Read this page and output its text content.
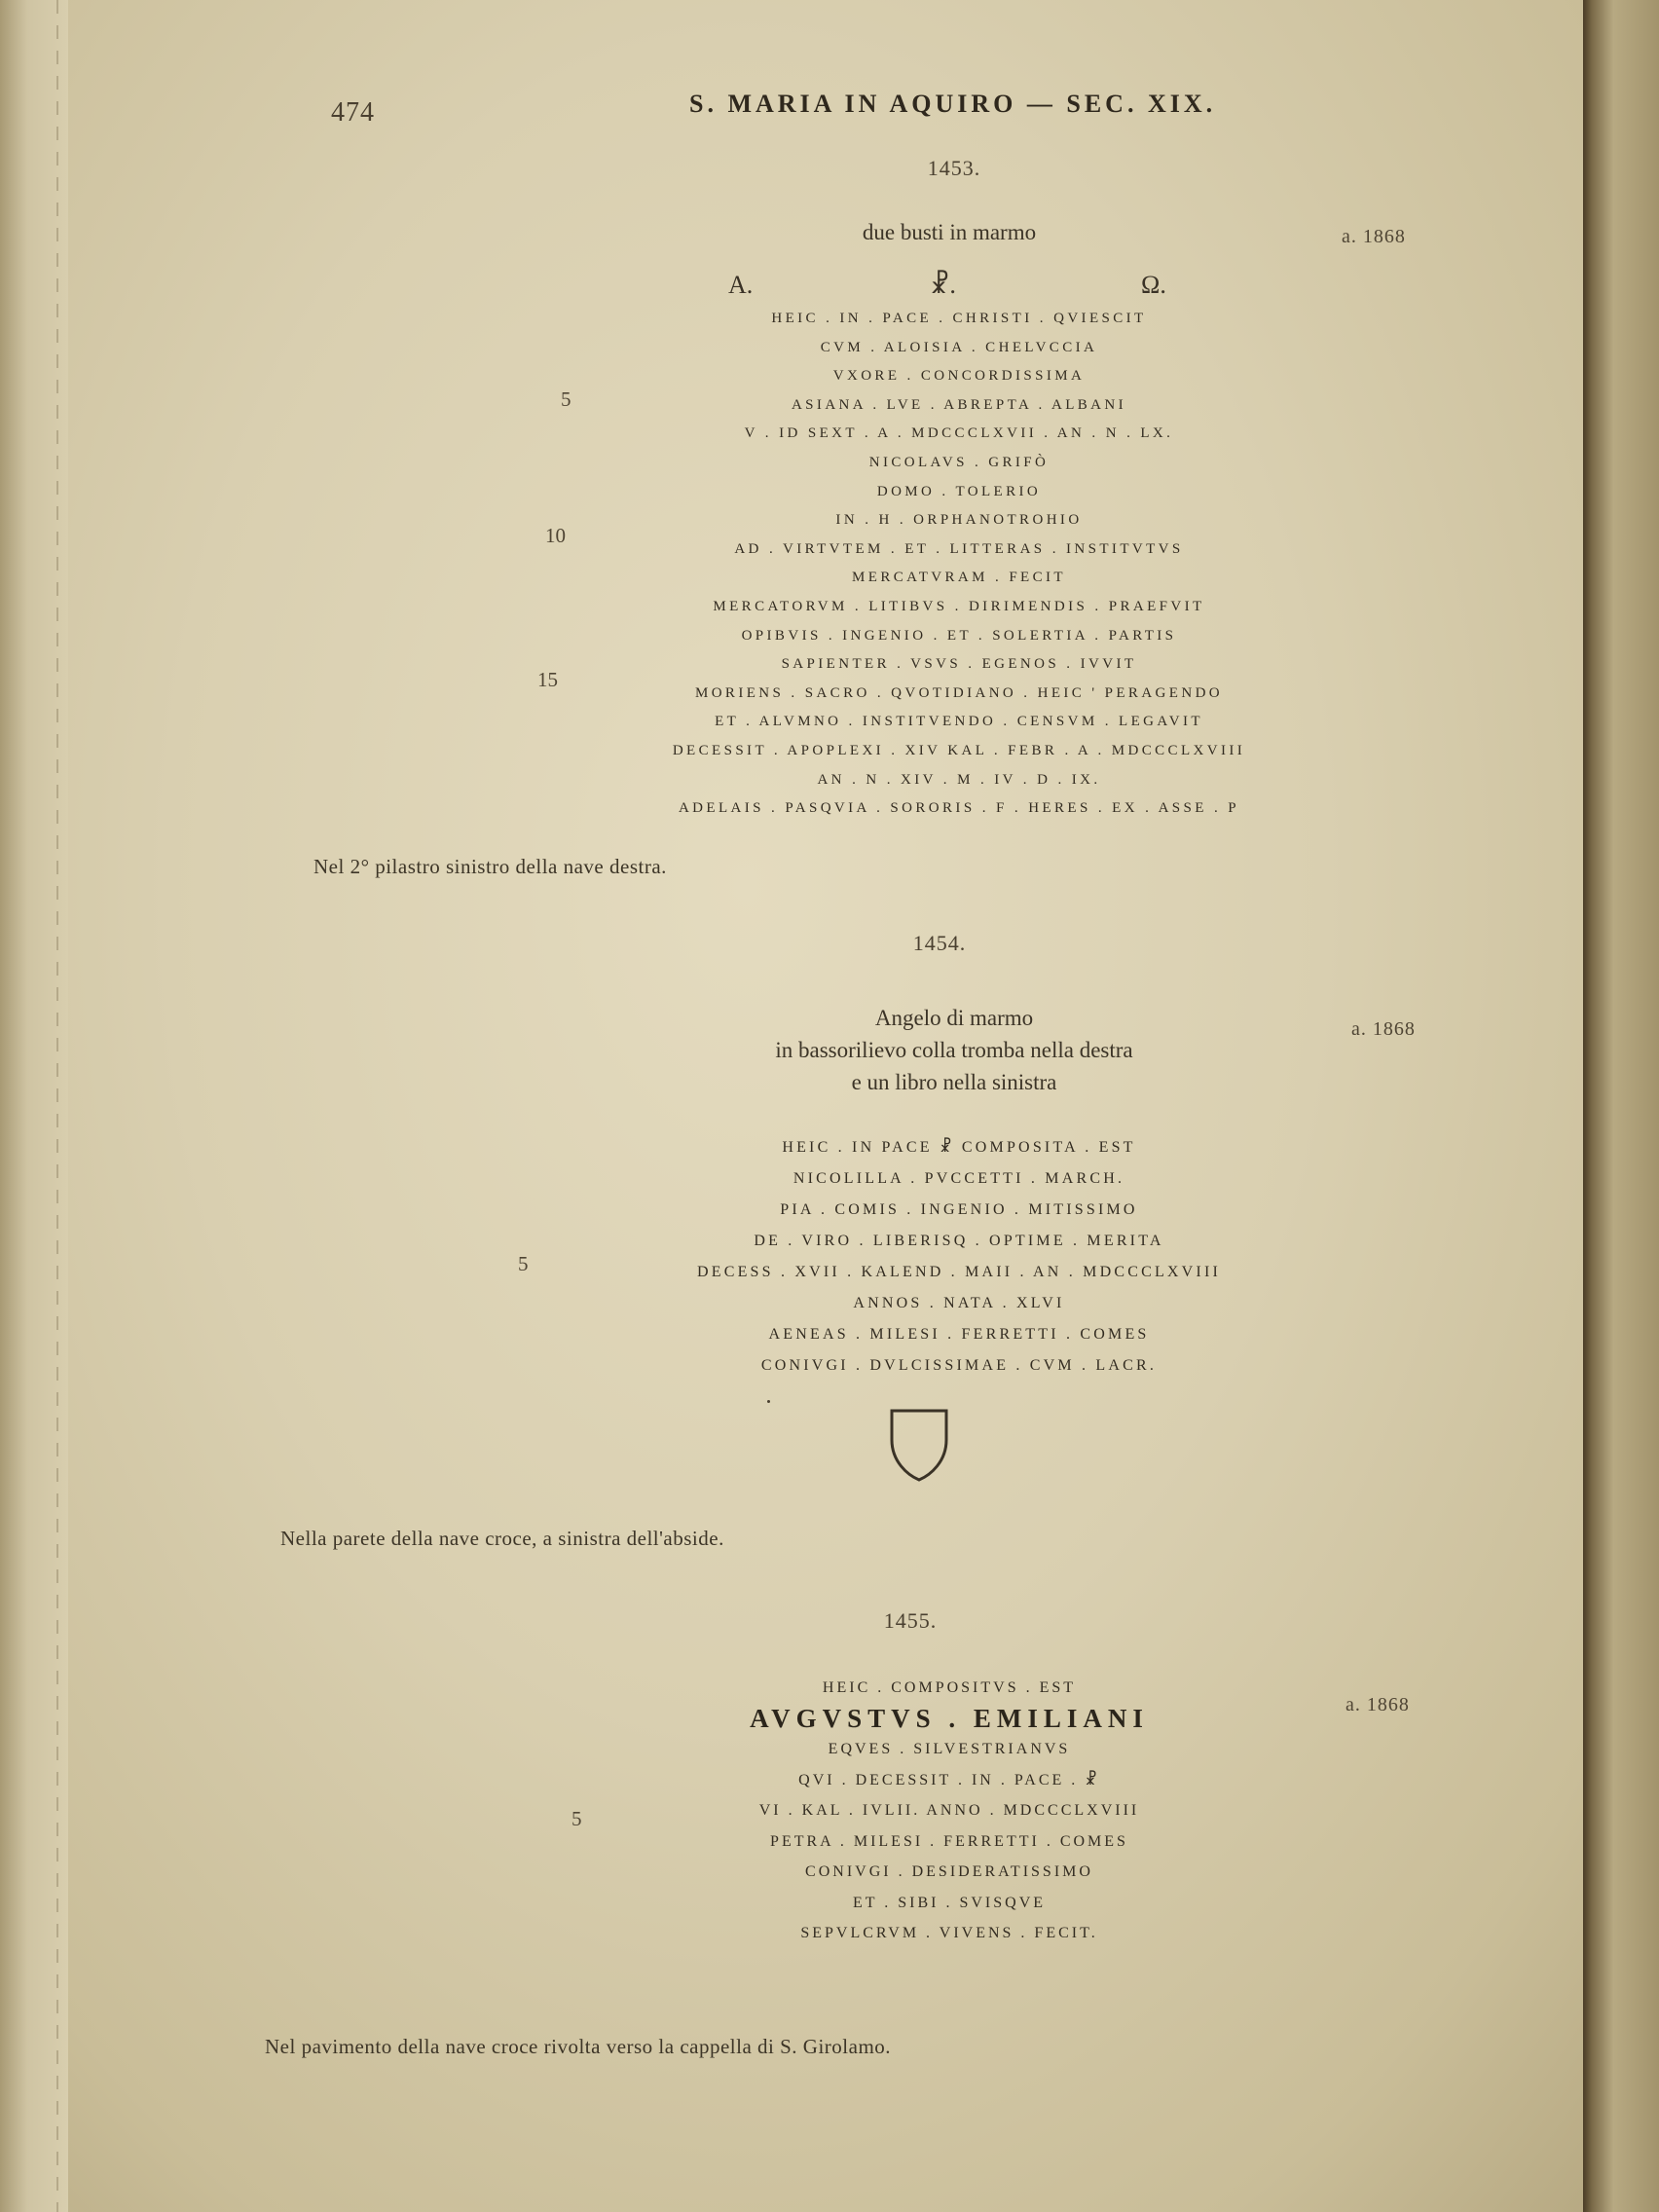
474	S. MARIA IN AQUIRO — SEC. XIX.
1453.
due busti in marmo	a. 1868
A.	☧.	Ω.
5
10
15
HEIC . IN . PACE . CHRISTI . QVIESCIT
CVM . ALOISIA . CHELVCCIA
VXORE . CONCORDISSIMA
ASIANA . LVE . ABREPTA . ALBANI
V . ID SEXT . A . MDCCCLXVII . AN . N . LX.
NICOLAVS . GRIFÒ
DOMO . TOLERIO
IN . H . ORPHANOTROHIO
AD . VIRTVTEM . ET . LITTERAS . INSTITVTVS
MERCATVRAM . FECIT
MERCATORVM . LITIBVS . DIRIMENDIS . PRAEFVIT
OPIBVIS . INGENIO . ET . SOLERTIA . PARTIS
SAPIENTER . VSVS . EGENOS . IVVIT
MORIENS . SACRO . QVOTIDIANO . HEIC ' PERAGENDO
ET . ALVMNO . INSTITVENDO . CENSVM . LEGAVIT
DECESSIT . APOPLEXI . XIV KAL . FEBR . A . MDCCCLXVIII
AN . N . XIV . M . IV . D . IX.
ADELAIS . PASQVIA . SORORIS . F . HERES . EX . ASSE . P
Nel 2° pilastro sinistro della nave destra.
1454.
Angelo di marmo
in bassorilievo colla tromba nella destra
e un libro nella sinistra
a. 1868
5
HEIC . IN PACE ☧ COMPOSITA . EST
NICOLILLA . PVCCETTI . MARCH.
PIA . COMIS . INGENIO . MITISSIMO
DE . VIRO . LIBERISQ . OPTIME . MERITA
DECESS . XVII . KALEND . MAII . AN . MDCCCLXVIII
ANNOS . NATA . XLVI
AENEAS . MILESI . FERRETTI . COMES
CONIVGI . DVLCISSIMAE . CVM . LACR.
Nella parete della nave croce, a sinistra dell'abside.
1455.
a. 1868
5
HEIC . COMPOSITVS . EST
AVGVSTVS . EMILIANI
EQVES . SILVESTRIANVS
QVI . DECESSIT . IN . PACE . ☧
VI . KAL . IVLII. ANNO . MDCCCLXVIII
PETRA . MILESI . FERRETTI . COMES
CONIVGI . DESIDERATISSIMO
ET . SIBI . SVISQVE
SEPVLCRVM . VIVENS . FECIT.
Nel pavimento della nave croce rivolta verso la cappella di S. Girolamo.
